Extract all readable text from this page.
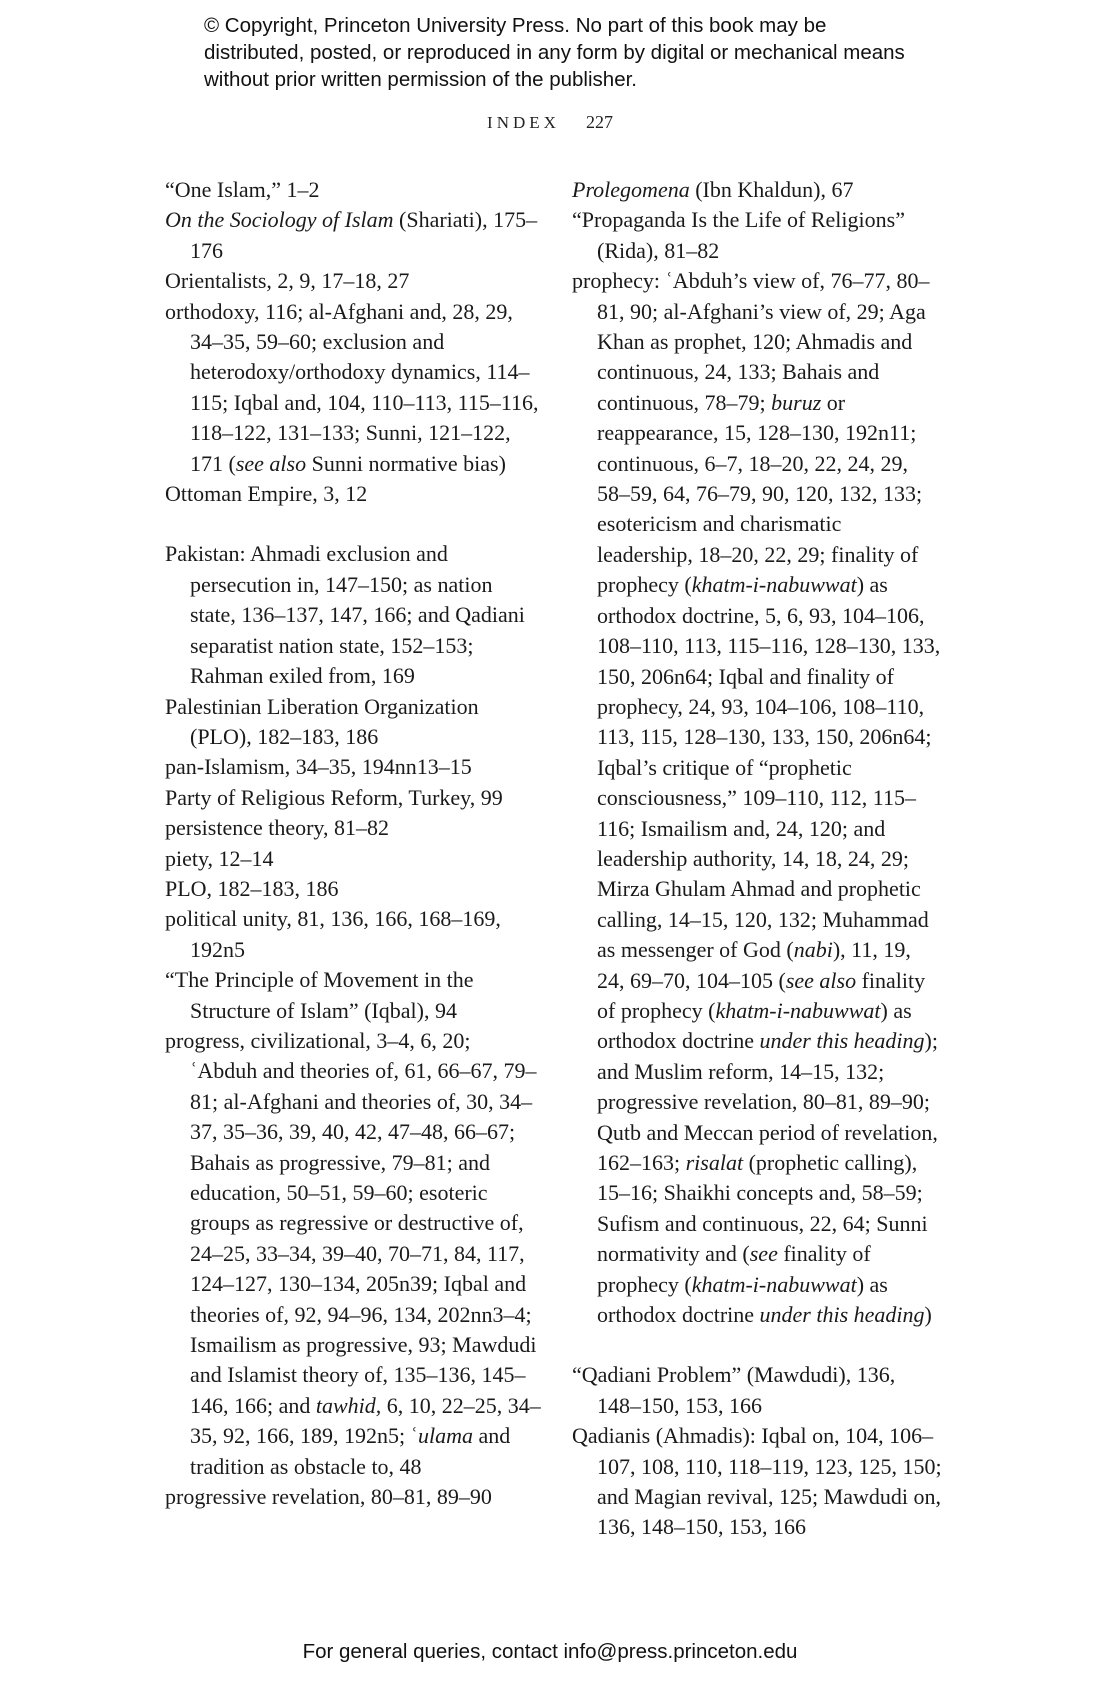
© Copyright, Princeton University Press. No part of this book may be distributed, posted, or reproduced in any form by digital or mechanical means without prior written permission of the publisher.
INDEX 227
“One Islam,” 1–2
On the Sociology of Islam (Shariati), 175–176
Orientalists, 2, 9, 17–18, 27
orthodoxy, 116; al-Afghani and, 28, 29, 34–35, 59–60; exclusion and heterodoxy/orthodoxy dynamics, 114–115; Iqbal and, 104, 110–113, 115–116, 118–122, 131–133; Sunni, 121–122, 171 (see also Sunni normative bias)
Ottoman Empire, 3, 12
Pakistan: Ahmadi exclusion and persecution in, 147–150; as nation state, 136–137, 147, 166; and Qadiani separatist nation state, 152–153; Rahman exiled from, 169
Palestinian Liberation Organization (PLO), 182–183, 186
pan-Islamism, 34–35, 194nn13–15
Party of Religious Reform, Turkey, 99
persistence theory, 81–82
piety, 12–14
PLO, 182–183, 186
political unity, 81, 136, 166, 168–169, 192n5
“The Principle of Movement in the Structure of Islam” (Iqbal), 94
progress, civilizational, 3–4, 6, 20; ʿAbduh and theories of, 61, 66–67, 79–81; al-Afghani and theories of, 30, 34–37, 35–36, 39, 40, 42, 47–48, 66–67; Bahais as progressive, 79–81; and education, 50–51, 59–60; esoteric groups as regressive or destructive of, 24–25, 33–34, 39–40, 70–71, 84, 117, 124–127, 130–134, 205n39; Iqbal and theories of, 92, 94–96, 134, 202nn3–4; Ismailism as progressive, 93; Mawdudi and Islamist theory of, 135–136, 145–146, 166; and tawhid, 6, 10, 22–25, 34–35, 92, 166, 189, 192n5; ʿulama and tradition as obstacle to, 48
progressive revelation, 80–81, 89–90
Prolegomena (Ibn Khaldun), 67
“Propaganda Is the Life of Religions” (Rida), 81–82
prophecy: ʿAbduh’s view of, 76–77, 80–81, 90; al-Afghani’s view of, 29; Aga Khan as prophet, 120; Ahmadis and continuous, 24, 133; Bahais and continuous, 78–79; buruz or reappearance, 15, 128–130, 192n11; continuous, 6–7, 18–20, 22, 24, 29, 58–59, 64, 76–79, 90, 120, 132, 133; esotericism and charismatic leadership, 18–20, 22, 29; finality of prophecy (khatm-i-nabuwwat) as orthodox doctrine, 5, 6, 93, 104–106, 108–110, 113, 115–116, 128–130, 133, 150, 206n64; Iqbal and finality of prophecy, 24, 93, 104–106, 108–110, 113, 115, 128–130, 133, 150, 206n64; Iqbal’s critique of “prophetic consciousness,” 109–110, 112, 115–116; Ismailism and, 24, 120; and leadership authority, 14, 18, 24, 29; Mirza Ghulam Ahmad and prophetic calling, 14–15, 120, 132; Muhammad as messenger of God (nabi), 11, 19, 24, 69–70, 104–105 (see also finality of prophecy (khatm-i-nabuwwat) as orthodox doctrine under this heading); and Muslim reform, 14–15, 132; progressive revelation, 80–81, 89–90; Qutb and Meccan period of revelation, 162–163; risalat (prophetic calling), 15–16; Shaikhi concepts and, 58–59; Sufism and continuous, 22, 64; Sunni normativity and (see finality of prophecy (khatm-i-nabuwwat) as orthodox doctrine under this heading)
“Qadiani Problem” (Mawdudi), 136, 148–150, 153, 166
Qadianis (Ahmadis): Iqbal on, 104, 106–107, 108, 110, 118–119, 123, 125, 150; and Magian revival, 125; Mawdudi on, 136, 148–150, 153, 166
For general queries, contact info@press.princeton.edu
